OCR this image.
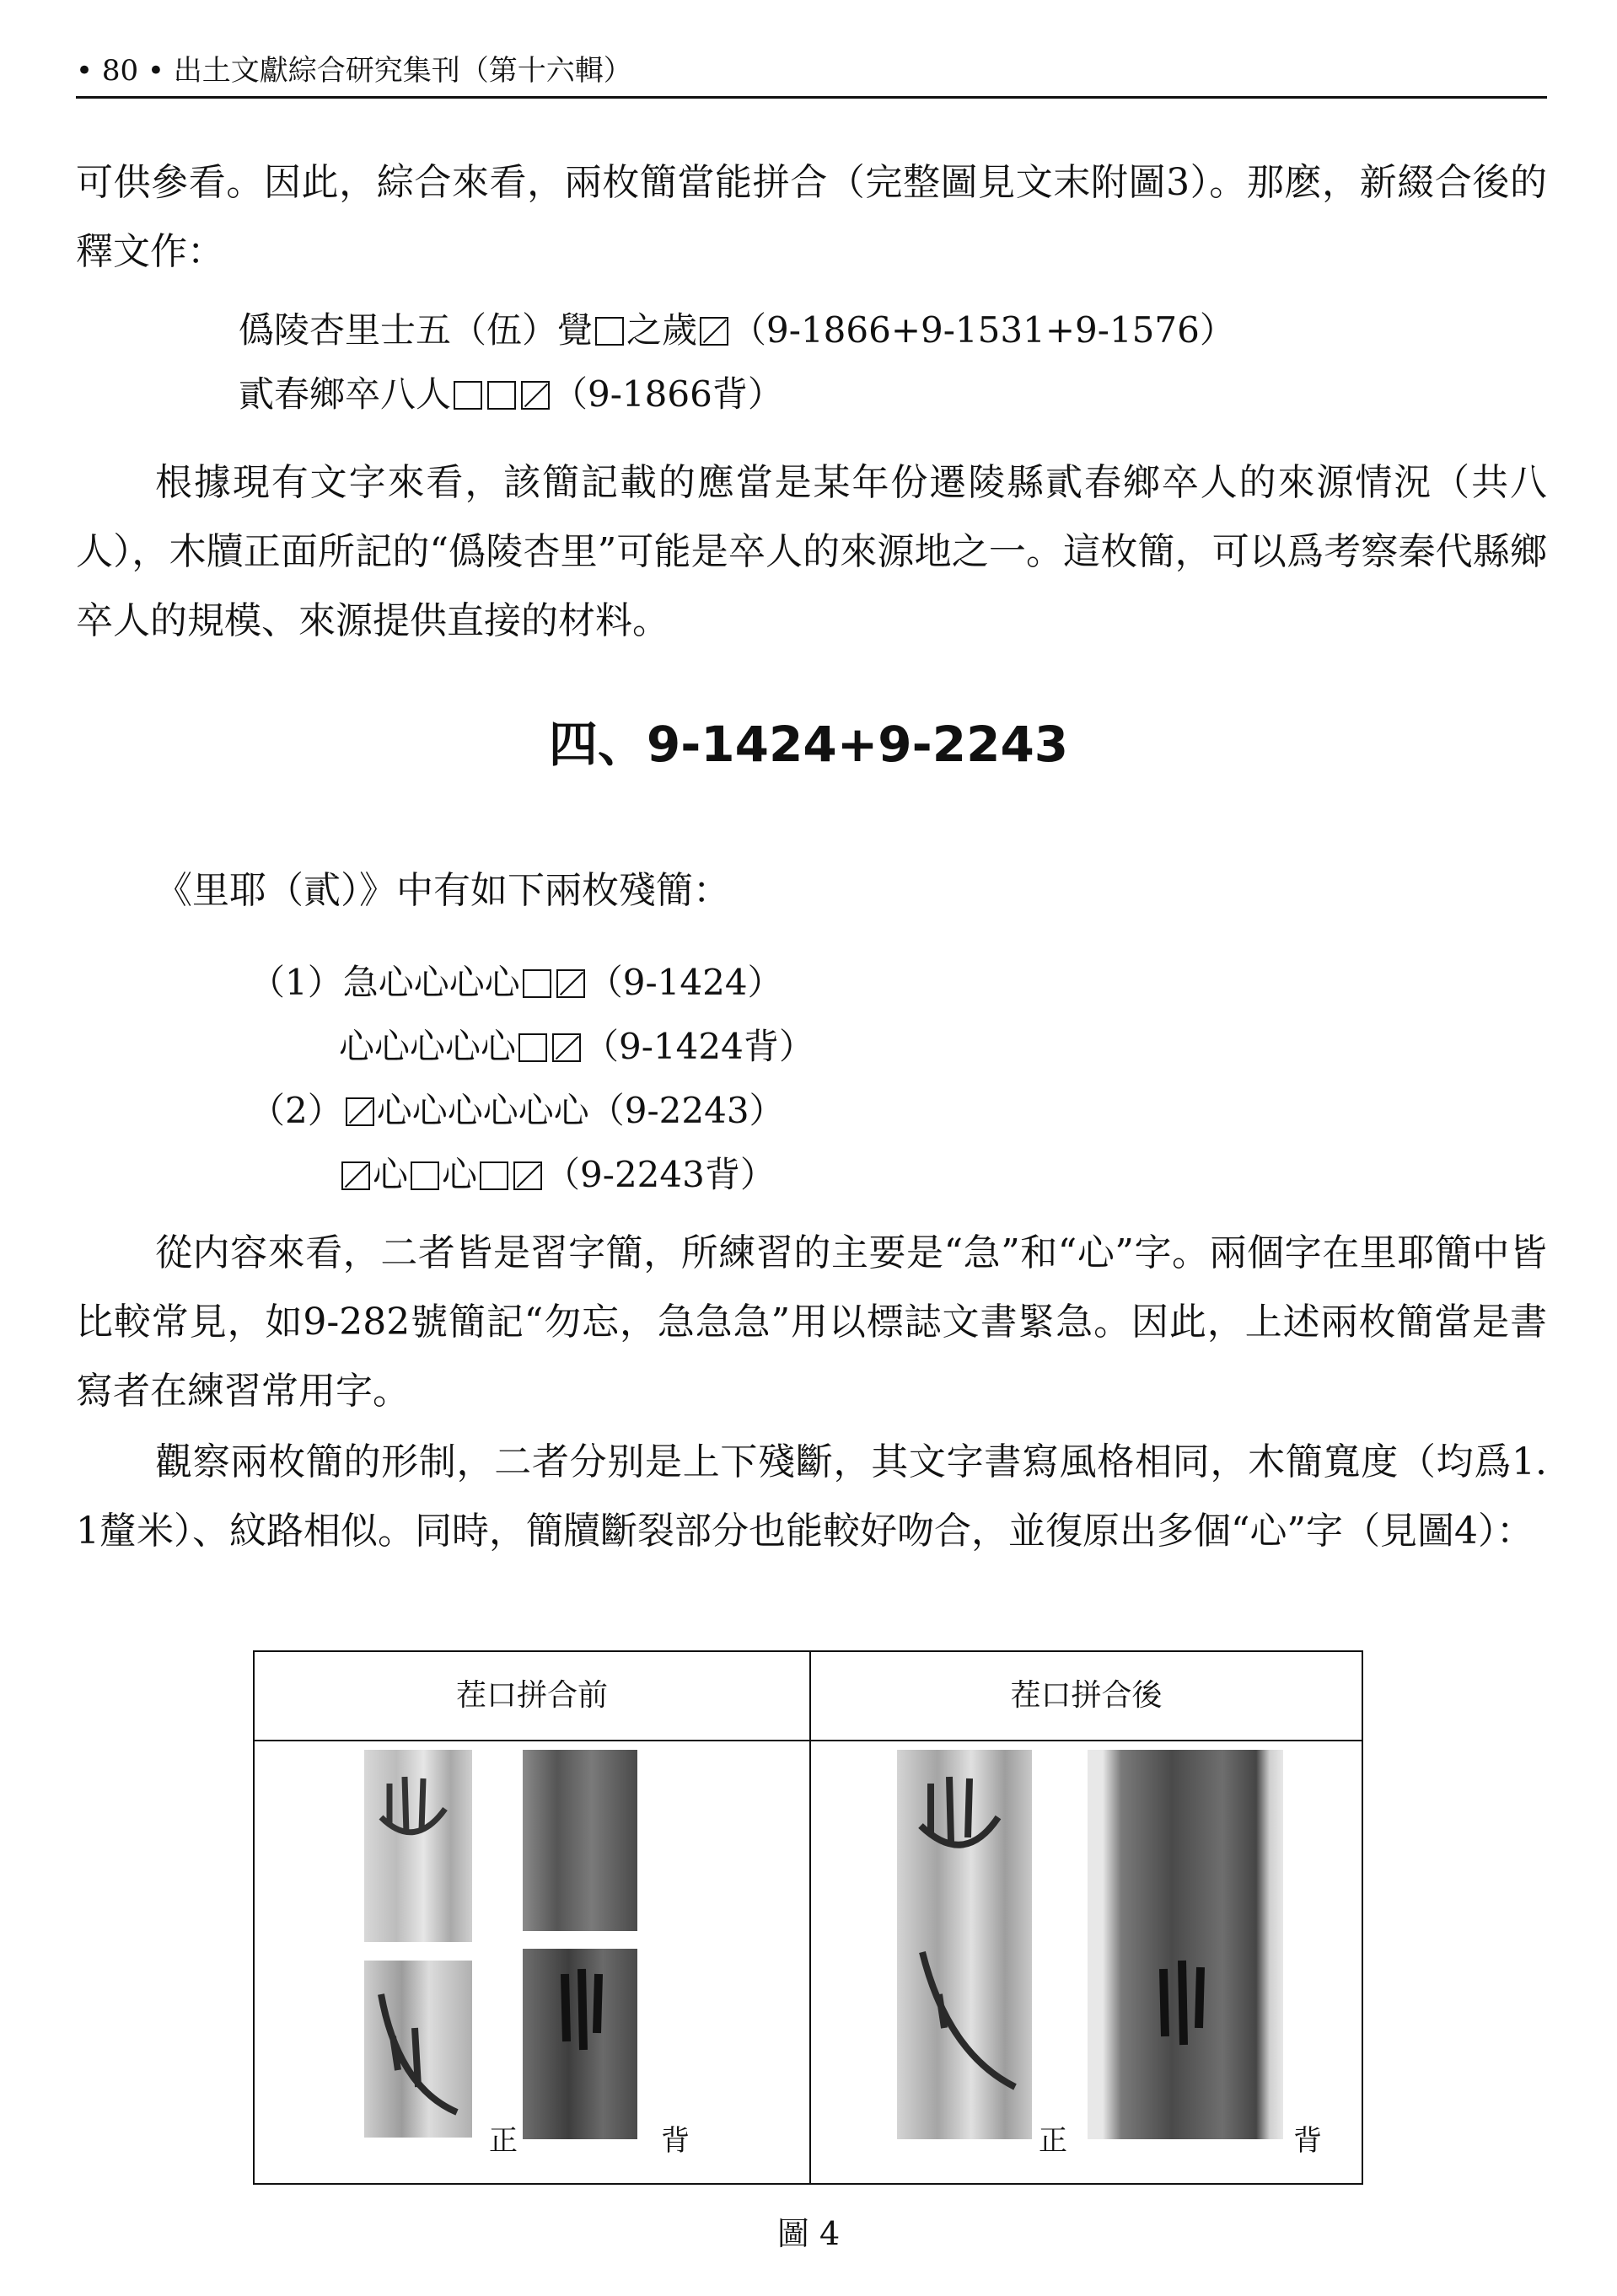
• 80 • 出土文獻綜合研究集刊（第十六輯）

可供參看。因此，綜合來看，兩枚簡當能拼合（完整圖見文末附圖3）。那麽，新綴合後的釋文作：

僞陵杏里士五（伍）覺 之歲 （9-1866+9-1531+9-1576）
貳春鄉卒八人	（9-1866背）

根據現有文字來看，該簡記載的應當是某年份遷陵縣貳春鄉卒人的來源情況（共八人），木牘正面所記的“僞陵杏里”可能是卒人的來源地之一。這枚簡，可以爲考察秦代縣鄉卒人的規模、來源提供直接的材料。

四、9-1424+9-2243

《里耶（貳）》中有如下兩枚殘簡：

（1）急心心心心 （9-1424）
心心心心心 （9-1424背）
（2） 心心心心心心（9-2243）
心 心 （9-2243背）

從内容來看，二者皆是習字簡，所練習的主要是“急”和“心”字。兩個字在里耶簡中皆比較常見，如9-282號簡記“勿忘，急急急”用以標誌文書緊急。因此，上述兩枚簡當是書寫者在練習常用字。

觀察兩枚簡的形制，二者分别是上下殘斷，其文字書寫風格相同，木簡寬度（均爲1. 1釐米）、紋路相似。同時，簡牘斷裂部分也能較好吻合，並復原出多個“心”字（見圖4）：

茬口拼合前	茬口拼合後
正	背	正	背
圖 4
